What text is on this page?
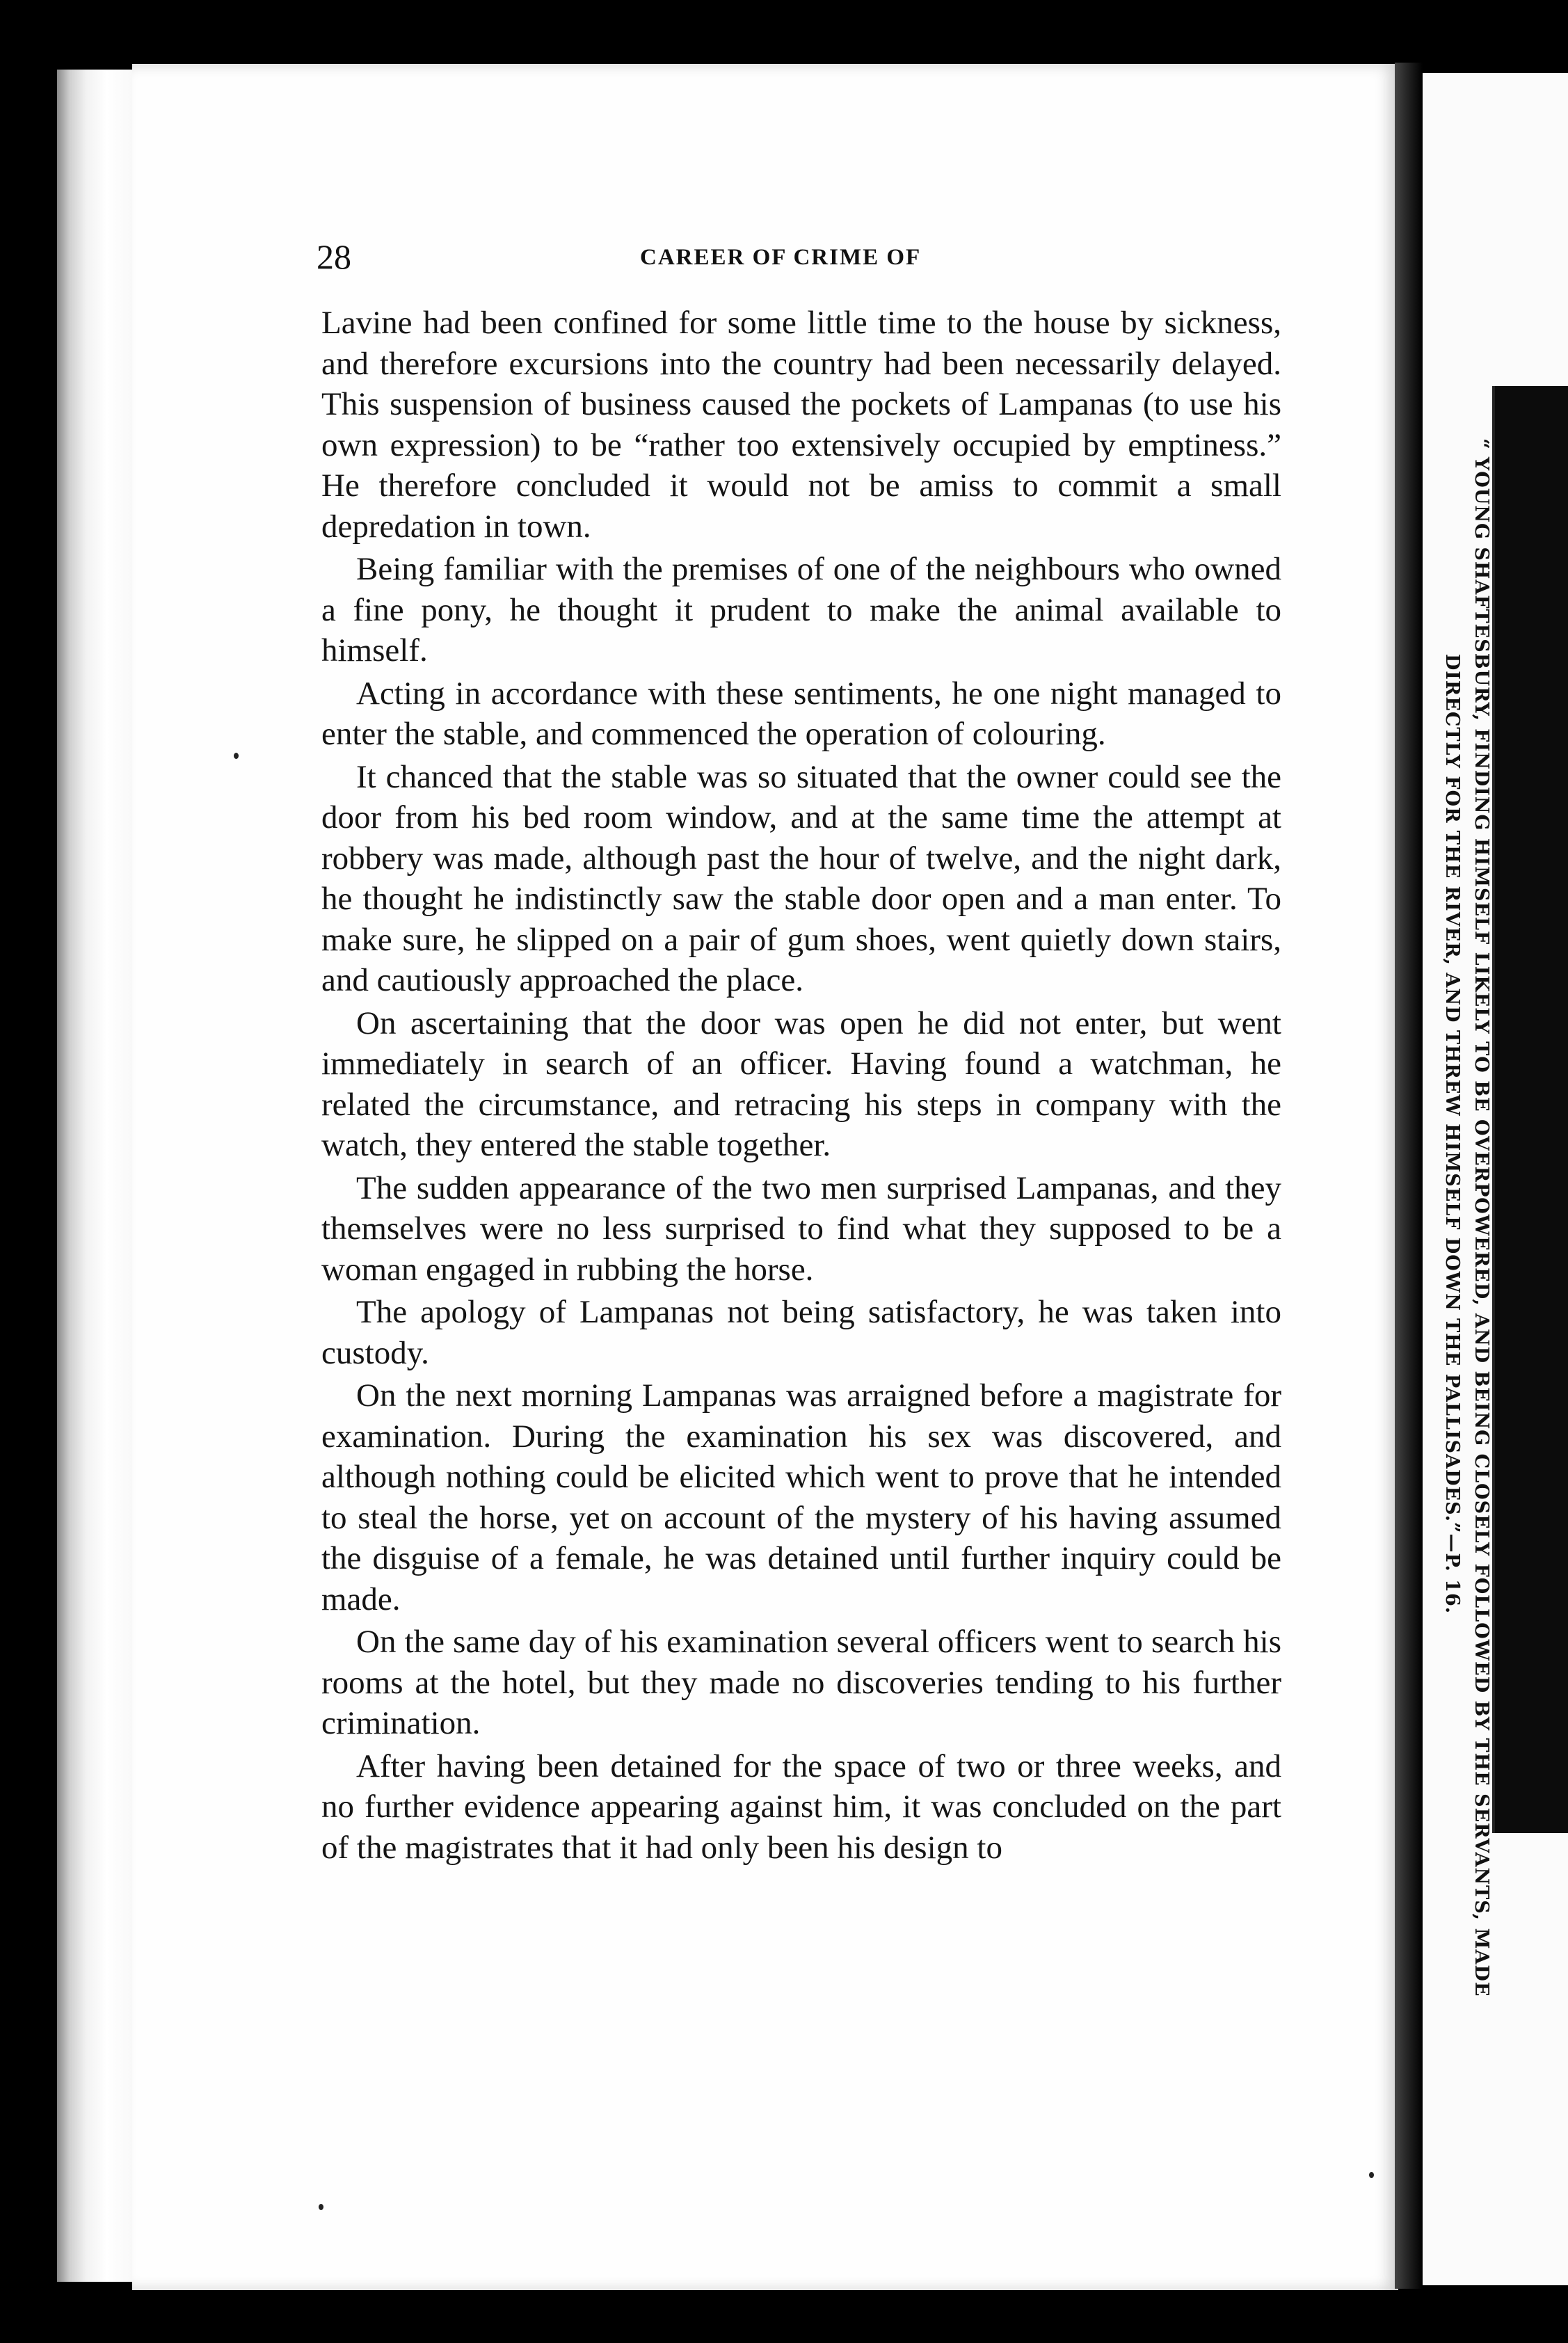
“ YOUNG SHAFTESBURY, FINDING HIMSELF LIKELY TO BE OVERPOWERED, AND BEING CLOSELY FOLLOWED BY THE SERVANTS, MADE
DIRECTLY FOR THE RIVER, AND THREW HIMSELF DOWN THE PALLISADES.”—P. 16.
28	CAREER OF CRIME OF

Lavine had been confined for some little time to the house by sickness, and therefore excursions into the country had been necessarily delayed. This suspension of business caused the pockets of Lampanas (to use his own expression) to be “rather too extensively occupied by emptiness.” He therefore concluded it would not be amiss to commit a small depredation in town.

Being familiar with the premises of one of the neighbours who owned a fine pony, he thought it prudent to make the animal available to himself.

Acting in accordance with these sentiments, he one night managed to enter the stable, and commenced the operation of colouring.

It chanced that the stable was so situated that the owner could see the door from his bed room window, and at the same time the attempt at robbery was made, although past the hour of twelve, and the night dark, he thought he indistinctly saw the stable door open and a man enter. To make sure, he slipped on a pair of gum shoes, went quietly down stairs, and cautiously approached the place.

On ascertaining that the door was open he did not enter, but went immediately in search of an officer. Having found a watchman, he related the circumstance, and retracing his steps in company with the watch, they entered the stable together.

The sudden appearance of the two men surprised Lampanas, and they themselves were no less surprised to find what they supposed to be a woman engaged in rubbing the horse.

The apology of Lampanas not being satisfactory, he was taken into custody.

On the next morning Lampanas was arraigned before a magistrate for examination. During the examination his sex was discovered, and although nothing could be elicited which went to prove that he intended to steal the horse, yet on account of the mystery of his having assumed the disguise of a female, he was detained until further inquiry could be made.

On the same day of his examination several officers went to search his rooms at the hotel, but they made no discoveries tending to his further crimination.

After having been detained for the space of two or three weeks, and no further evidence appearing against him, it was concluded on the part of the magistrates that it had only been his design to
